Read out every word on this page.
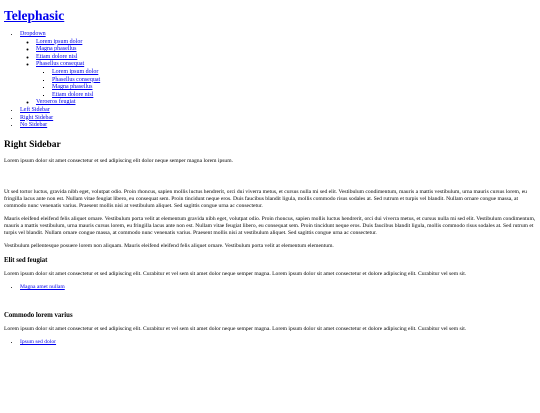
Telephasic
• Dropdown
◦ Lorem ipsum dolor
◦ Magna phasellus
◦ Etiam dolore nisl
◦ Phasellus consequat
▪ Lorem ipsum dolor
▪ Phasellus consequat
▪ Magna phasellus
▪ Etiam dolore nisl
◦ Veroeros feugiat
• Left Sidebar
• Right Sidebar
• No Sidebar
Right Sidebar

Lorem ipsum dolor sit amet consectetur et sed adipiscing elit dolor neque semper magna lorem ipsum.

Ut sed tortor luctus, gravida nibh eget, volutpat odio. Proin rhoncus, sapien mollis luctus hendrerit, orci dui viverra metus, et cursus nulla mi sed elit. Vestibulum condimentum, mauris a mattis vestibulum, urna mauris cursus lorem, eu fringilla lacus ante non est. Nullam vitae feugiat libero, eu consequat sem. Proin tincidunt neque eros. Duis faucibus blandit ligula, mollis commodo risus sodales at. Sed rutrum et turpis vel blandit. Nullam ornare congue massa, at commodo nunc venenatis varius. Praesent mollis nisi at vestibulum aliquet. Sed sagittis congue urna ac consectetur.

Mauris eleifend eleifend felis aliquet ornare. Vestibulum porta velit at elementum gravida nibh eget, volutpat odio. Proin rhoncus, sapien mollis luctus hendrerit, orci dui viverra metus, et cursus nulla mi sed elit. Vestibulum condimentum, mauris a mattis vestibulum, urna mauris cursus lorem, eu fringilla lacus ante non est. Nullam vitae feugiat libero, eu consequat sem. Proin tincidunt neque eros. Duis faucibus blandit ligula, mollis commodo risus sodales at. Sed rutrum et turpis vel blandit. Nullam ornare congue massa, at commodo nunc venenatis varius. Praesent mollis nisi at vestibulum aliquet. Sed sagittis congue urna ac consectetur.

Vestibulum pellentesque posuere lorem non aliquam. Mauris eleifend eleifend felis aliquet ornare. Vestibulum porta velit at elementum elementum.

Elit sed feugiat

Lorem ipsum dolor sit amet consectetur et sed adipiscing elit. Curabitur et vel sem sit amet dolor neque semper magna. Lorem ipsum dolor sit amet consectetur et dolore adipiscing elit. Curabitur vel sem sit.

• Magna amet nullam
Commodo lorem varius

Lorem ipsum dolor sit amet consectetur et sed adipiscing elit. Curabitur et vel sem sit amet dolor neque semper magna. Lorem ipsum dolor sit amet consectetur et dolore adipiscing elit. Curabitur vel sem sit.

• Ipsum sed dolor
